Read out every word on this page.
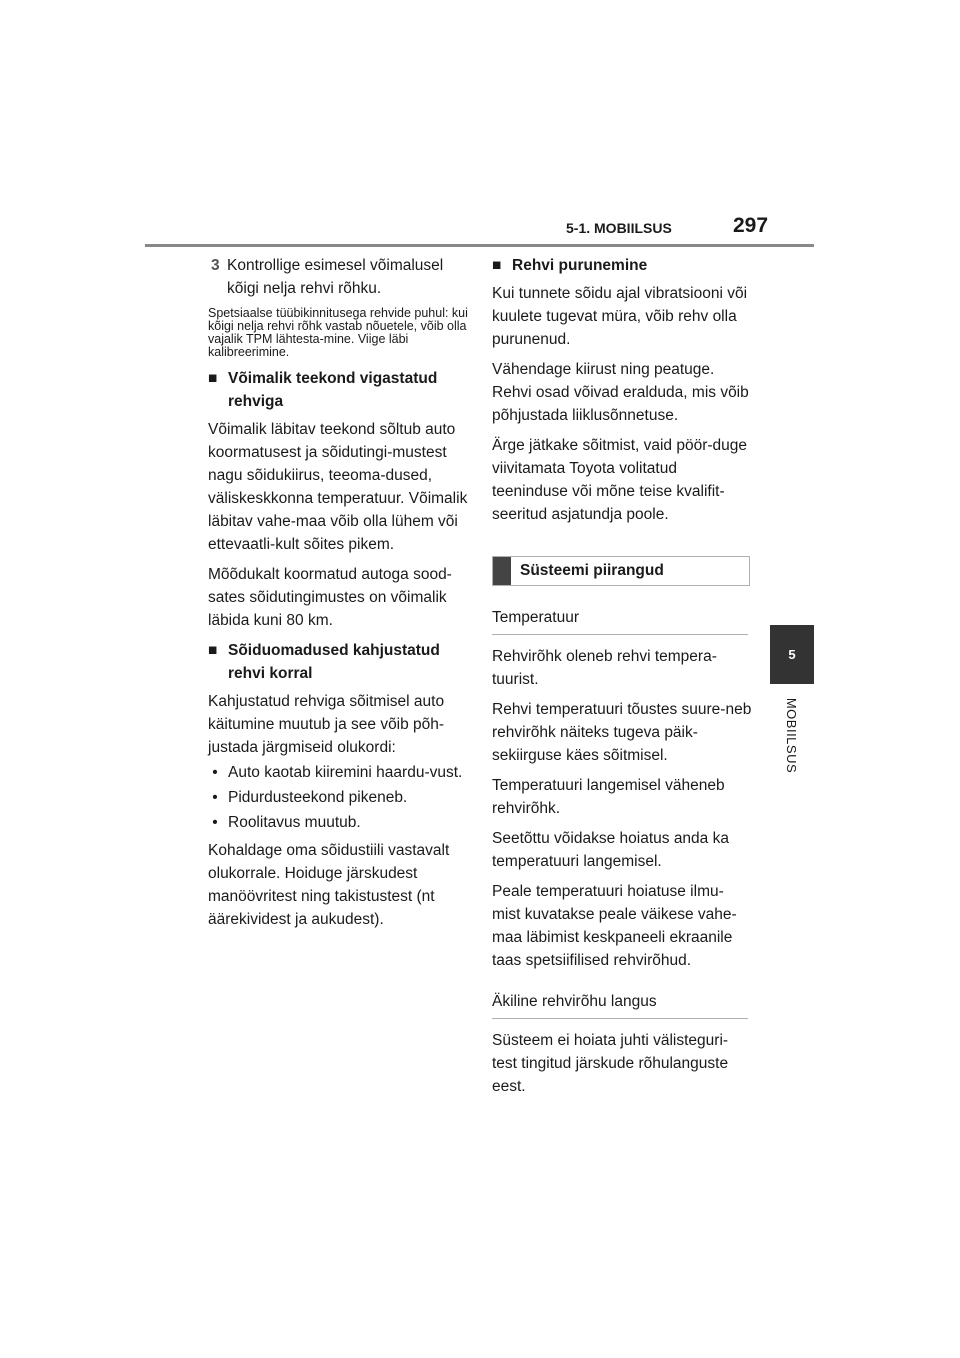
5-1. MOBIILSUS	297
5
MOBIILSUS
3 Kontrollige esimesel võimalusel kõigi nelja rehvi rõhku.

Spetsiaalse tüübikinnitusega rehvide puhul: kui kõigi nelja rehvi rõhk vastab nõuetele, võib olla vajalik TPM lähtesta-mine. Viige läbi kalibreerimine.

■ Võimalik teekond vigastatud rehviga

Võimalik läbitav teekond sõltub auto koormatusest ja sõidutingi-mustest nagu sõidukiirus, teeoma-dused, väliskeskkonna temperatuur. Võimalik läbitav vahe-maa võib olla lühem või ettevaatli-kult sõites pikem.

Mõõdukalt koormatud autoga sood-sates sõidutingimustes on võimalik läbida kuni 80 km.

■ Sõiduomadused kahjustatud rehvi korral

Kahjustatud rehviga sõitmisel auto käitumine muutub ja see võib põh-justada järgmiseid olukordi:

• Auto kaotab kiiremini haardu-vust.
• Pidurdusteekond pikeneb.
• Roolitavus muutub.

Kohaldage oma sõidustiili vastavalt olukorrale. Hoiduge järskudest manöövritest ning takistustest (nt äärekividest ja aukudest).

■ Rehvi purunemine

Kui tunnete sõidu ajal vibratsiooni või kuulete tugevat müra, võib rehv olla purunenud.

Vähendage kiirust ning peatuge. Rehvi osad võivad eralduda, mis võib põhjustada liiklusõnnetuse.

Ärge jätkake sõitmist, vaid pöör-duge viivitamata Toyota volitatud teeninduse või mõne teise kvalifit-seeritud asjatundja poole.

Süsteemi piirangud
Temperatuur

Rehvirõhk oleneb rehvi tempera-tuurist.

Rehvi temperatuuri tõustes suure-neb rehvirõhk näiteks tugeva päik-sekiirguse käes sõitmisel.

Temperatuuri langemisel väheneb rehvirõhk.

Seetõttu võidakse hoiatus anda ka temperatuuri langemisel.

Peale temperatuuri hoiatuse ilmu-mist kuvatakse peale väikese vahe-maa läbimist keskpaneeli ekraanile taas spetsiifilised rehvirõhud.

Äkiline rehvirõhu langus

Süsteem ei hoiata juhti välisteguri-test tingitud järskude rõhulanguste eest.
